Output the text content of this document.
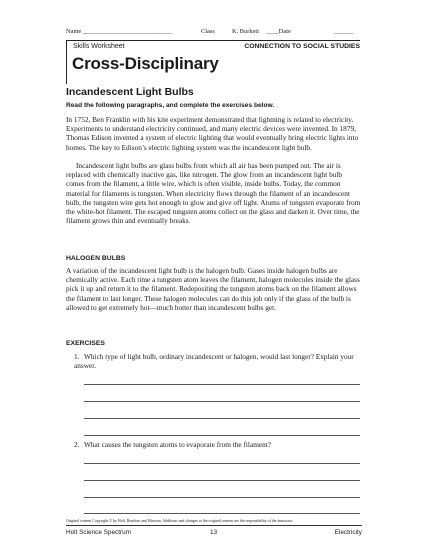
Name ____________________________	Class	K. Burkett ____Date	______
Skills Worksheet	CONNECTION TO SOCIAL STUDIES
Cross-Disciplinary
Incandescent Light Bulbs
Read the following paragraphs, and complete the exercises below.

In 1752, Ben Franklin with his kite experiment demonstrated that lightning is related to electricity. Experiments to understand electricity continued, and many electric devices were invented. In 1879, Thomas Edison invented a system of electric lighting that would eventually bring electric lights into homes. The key to Edison’s electric lighting system was the incandescent light bulb.

Incandescent light bulbs are glass bulbs from which all air has been pumped out. The air is replaced with chemically inactive gas, like nitrogen. The glow from an incandescent light bulb comes from the filament, a little wire, which is often visible, inside bulbs. Today, the common material for filaments is tungsten. When electricity flows through the filament of an incandescent bulb, the tungsten wire gets hot enough to glow and give off light. Atoms of tungsten evaporate from the white-hot filament. The escaped tungsten atoms collect on the glass and darken it. Over time, the filament grows thin and eventually breaks.

HALOGEN BULBS

A variation of the incandescent light bulb is the halogen bulb. Gases inside halogen bulbs are chemically active. Each time a tungsten atom leaves the filament, halogen molecules inside the glass pick it up and return it to the filament. Redepositing the tungsten atoms back on the filament allows the filament to last longer. These halogen molecules can do this job only if the glass of the bulb is allowed to get extremely hot—much hotter than incandescent bulbs get.

EXERCISES
1. Which type of light bulb, ordinary incandescent or halogen, would last longer? Explain your answer.
2. What causes the tungsten atoms to evaporate from the filament?
Original content Copyright © by Holt, Rinehart and Winston. Additions and changes to the original content are the responsibility of the instructor.
Holt Science Spectrum	13	Electricity
